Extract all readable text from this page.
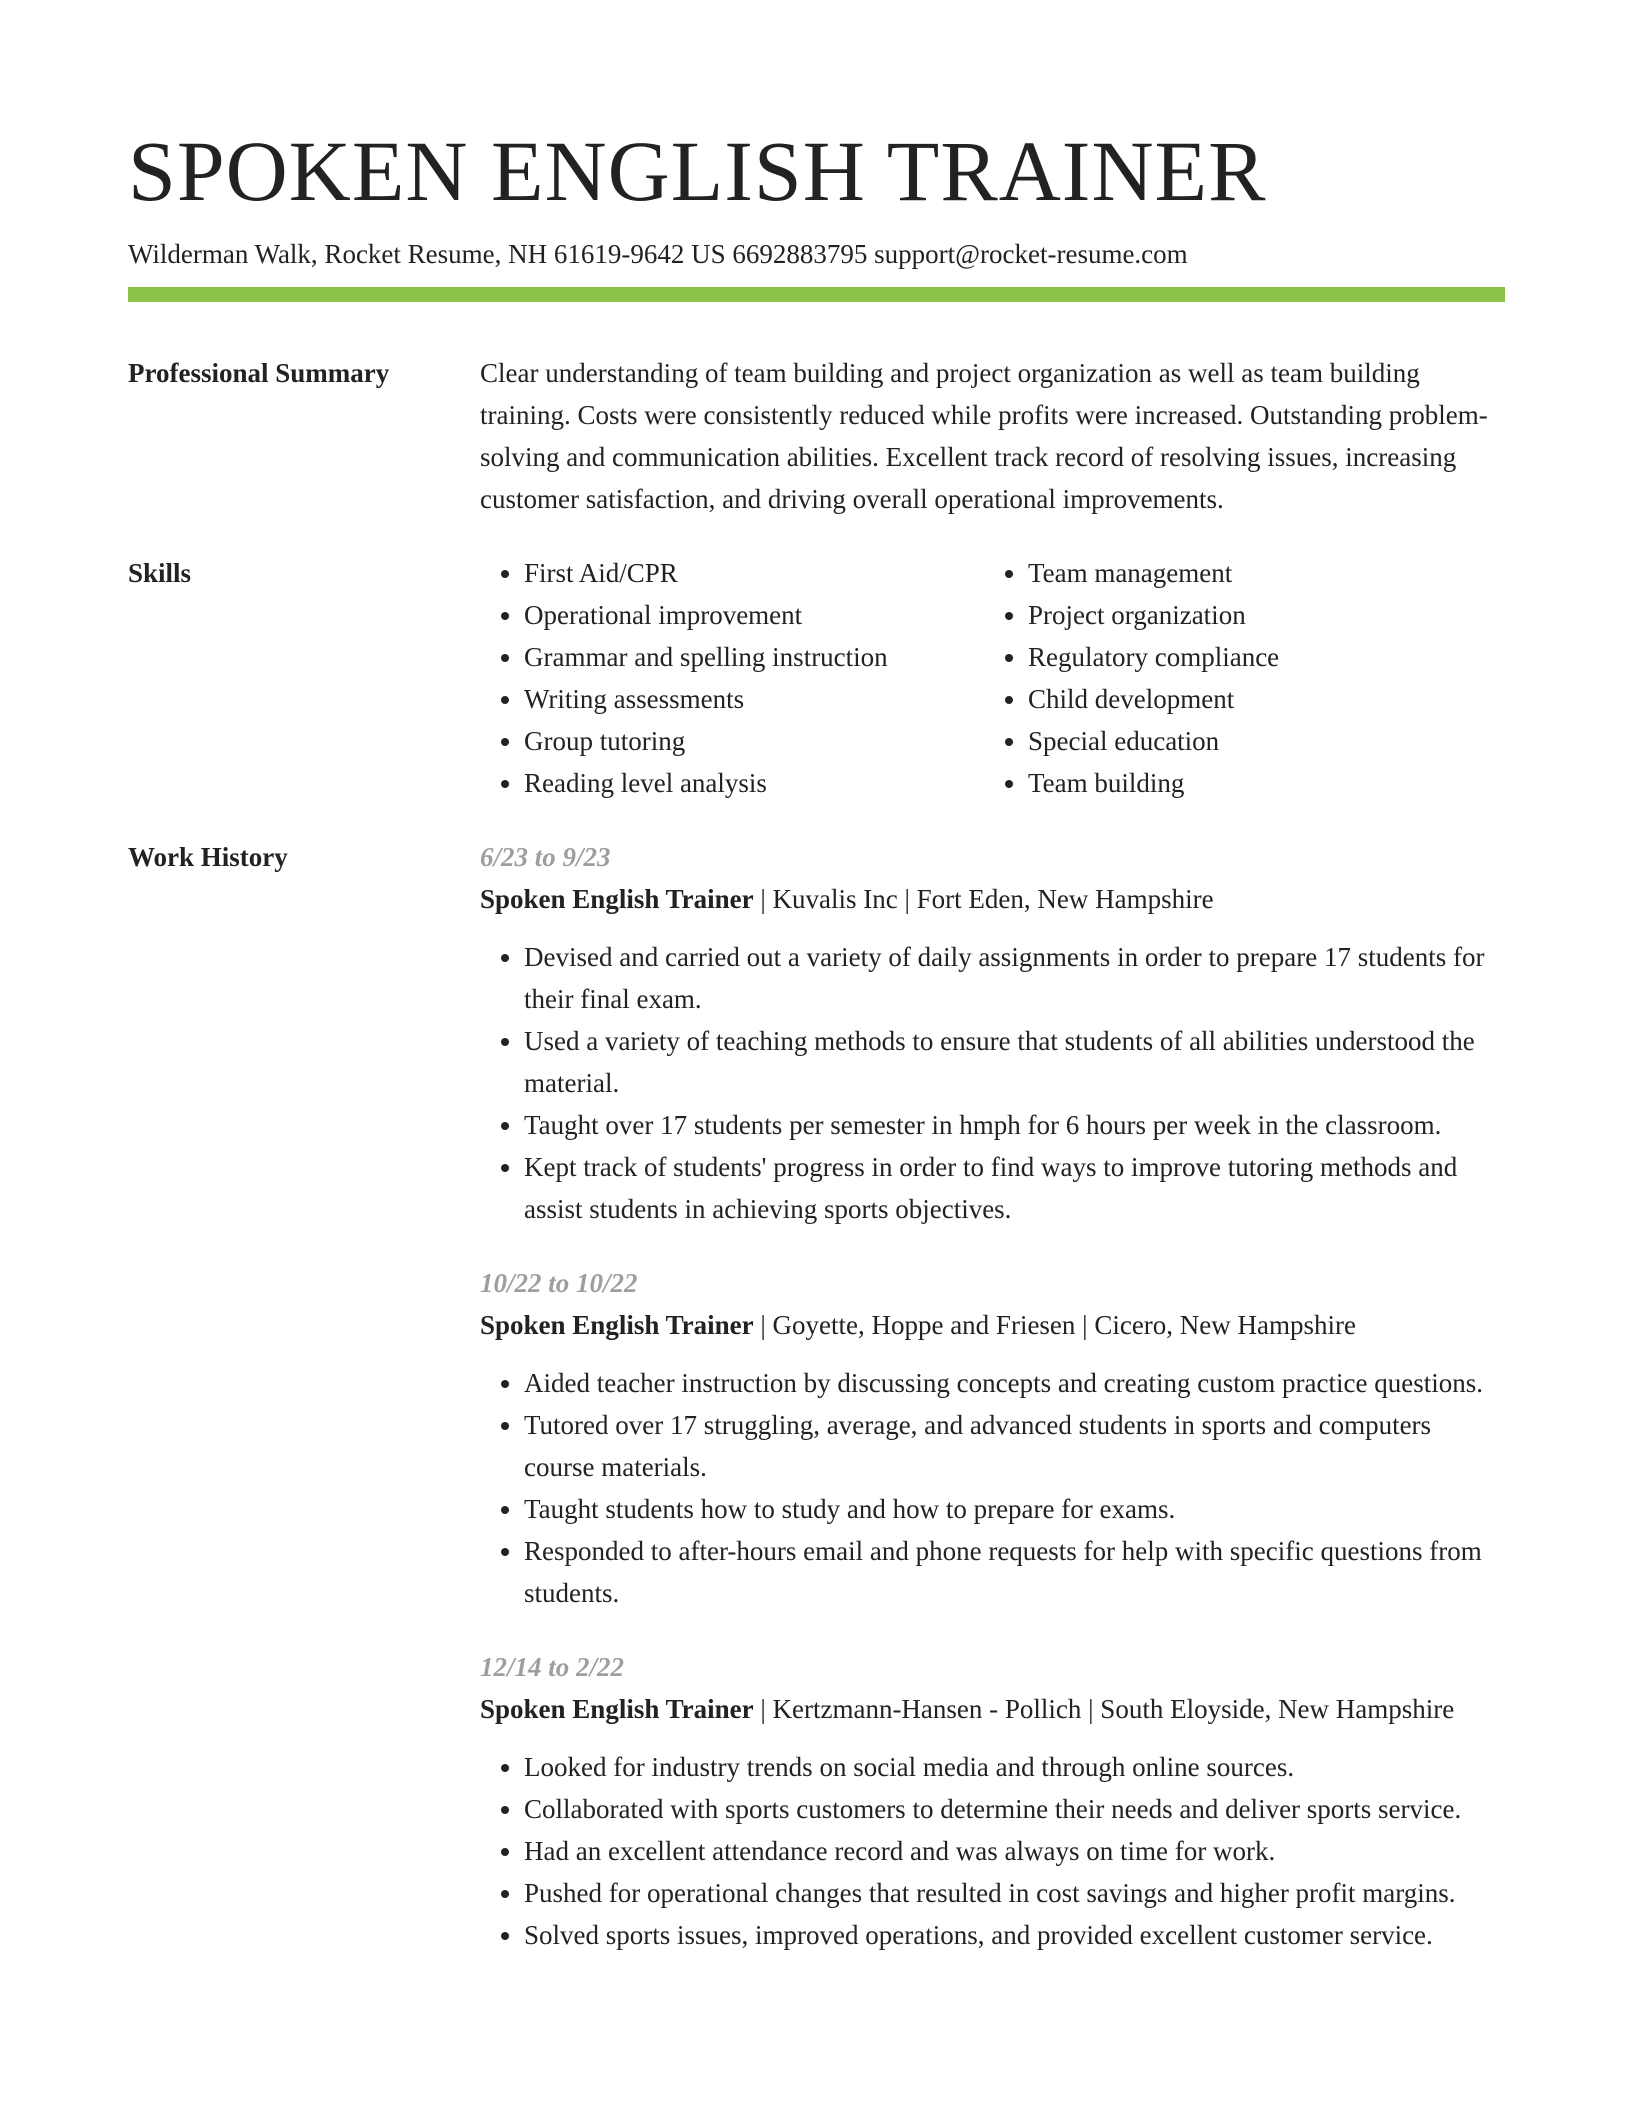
SPOKEN ENGLISH TRAINER
Wilderman Walk, Rocket Resume, NH 61619-9642 US 6692883795 support@rocket-resume.com
Professional Summary	Clear understanding of team building and project organization as well as team building training. Costs were consistently reduced while profits were increased. Outstanding problem-solving and communication abilities. Excellent track record of resolving issues, increasing customer satisfaction, and driving overall operational improvements.

Skills
•	First Aid/CPR
• Operational improvement
• Grammar and spelling instruction
• Writing assessments
• Group tutoring
• Reading level analysis
• Team management
• Project organization
• Regulatory compliance
• Child development
• Special education
• Team building
Work History	6/23 to 9/23
Spoken English Trainer | Kuvalis Inc | Fort Eden, New Hampshire
• Devised and carried out a variety of daily assignments in order to prepare 17 students for their final exam.
• Used a variety of teaching methods to ensure that students of all abilities understood the material.
• Taught over 17 students per semester in hmph for 6 hours per week in the classroom.
• Kept track of students' progress in order to find ways to improve tutoring methods and assist students in achieving sports objectives.
10/22 to 10/22
Spoken English Trainer | Goyette, Hoppe and Friesen | Cicero, New Hampshire
• Aided teacher instruction by discussing concepts and creating custom practice questions.
• Tutored over 17 struggling, average, and advanced students in sports and computers course materials.
• Taught students how to study and how to prepare for exams.
• Responded to after-hours email and phone requests for help with specific questions from students.
12/14 to 2/22
Spoken English Trainer | Kertzmann-Hansen - Pollich | South Eloyside, New Hampshire
• Looked for industry trends on social media and through online sources.
• Collaborated with sports customers to determine their needs and deliver sports service.
• Had an excellent attendance record and was always on time for work.
• Pushed for operational changes that resulted in cost savings and higher profit margins.
• Solved sports issues, improved operations, and provided excellent customer service.
